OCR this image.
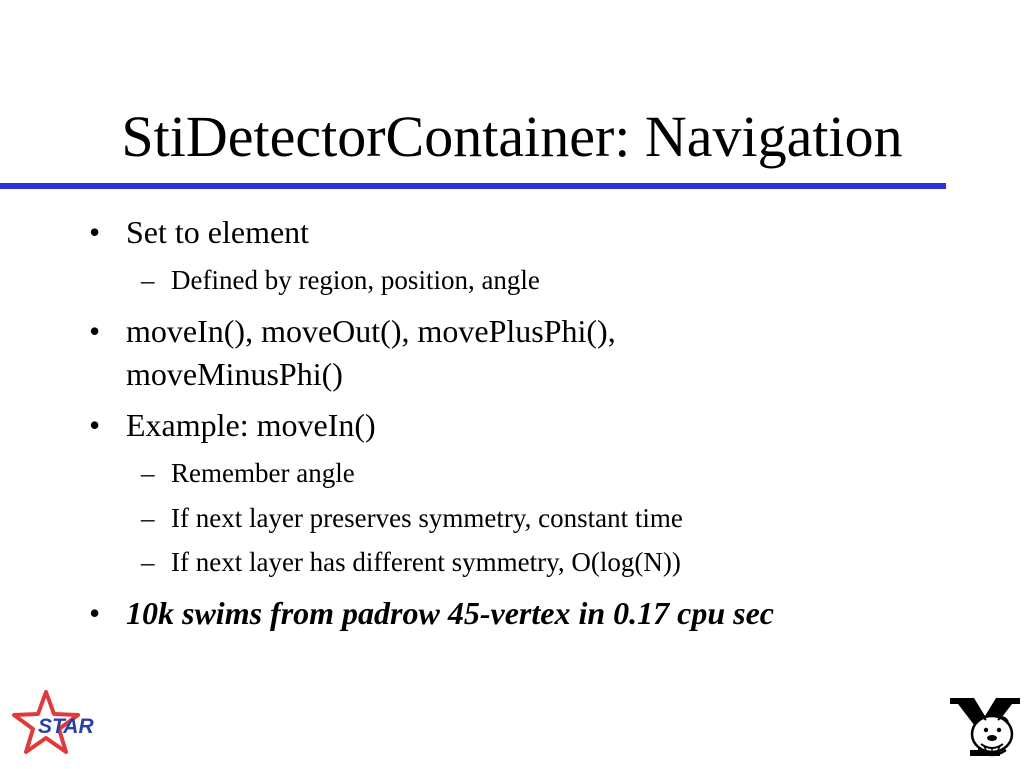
StiDetectorContainer: Navigation
• Set to element
– Defined by region, position, angle
• moveIn(), moveOut(), movePlusPhi(),
moveMinusPhi()
• Example: moveIn()
– Remember angle
– If next layer preserves symmetry, constant time
– If next layer has different symmetry, O(log(N))
• 10k swims from padrow 45-vertex in 0.17 cpu sec
STAR
